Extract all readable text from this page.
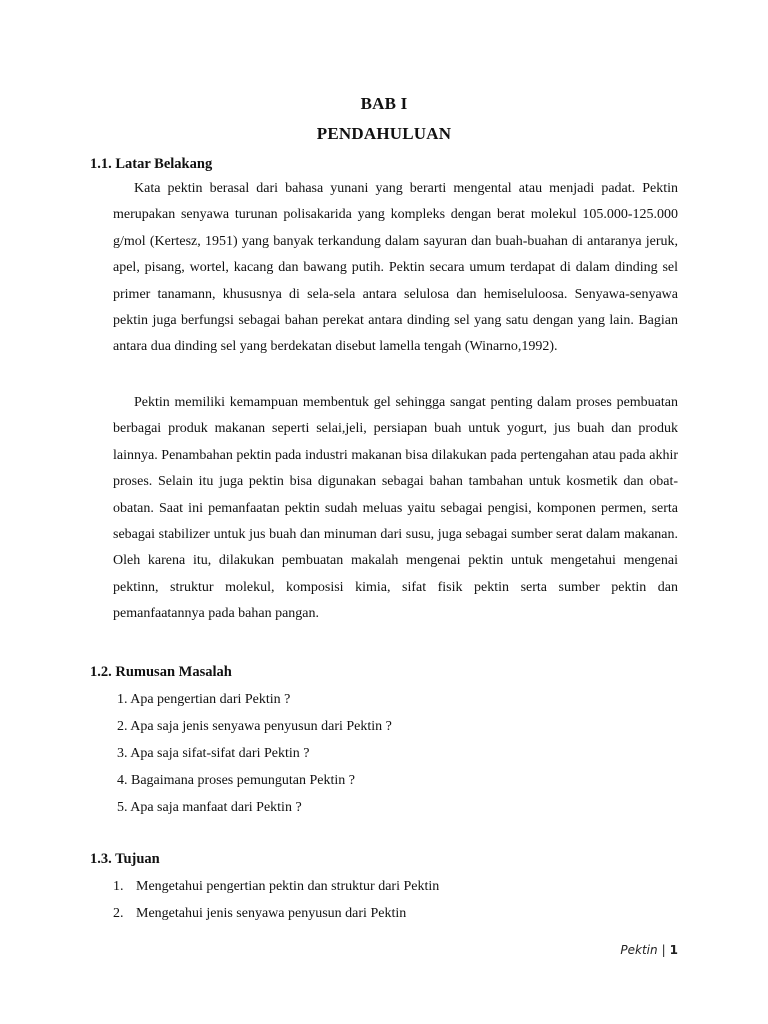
BAB I
PENDAHULUAN
1.1. Latar Belakang

Kata pektin berasal dari bahasa yunani yang berarti mengental atau menjadi padat. Pektin merupakan senyawa turunan polisakarida yang kompleks dengan berat molekul 105.000-125.000 g/mol (Kertesz, 1951) yang banyak terkandung dalam sayuran dan buah-buahan di antaranya jeruk, apel, pisang, wortel, kacang dan bawang putih. Pektin secara umum terdapat di dalam dinding sel primer tanamann, khususnya di sela-sela antara selulosa dan hemiseluloosa. Senyawa-senyawa pektin juga berfungsi sebagai bahan perekat antara dinding sel yang satu dengan yang lain. Bagian antara dua dinding sel yang berdekatan disebut lamella tengah (Winarno,1992).

Pektin memiliki kemampuan membentuk gel sehingga sangat penting dalam proses pembuatan berbagai produk makanan seperti selai,jeli, persiapan buah untuk yogurt, jus buah dan produk lainnya. Penambahan pektin pada industri makanan bisa dilakukan pada pertengahan atau pada akhir proses. Selain itu juga pektin bisa digunakan sebagai bahan tambahan untuk kosmetik dan obat-obatan. Saat ini pemanfaatan pektin sudah meluas yaitu sebagai pengisi, komponen permen, serta sebagai stabilizer untuk jus buah dan minuman dari susu, juga sebagai sumber serat dalam makanan. Oleh karena itu, dilakukan pembuatan makalah mengenai pektin untuk mengetahui mengenai pektinn, struktur molekul, komposisi kimia, sifat fisik pektin serta sumber pektin dan pemanfaatannya pada bahan pangan.

1.2. Rumusan Masalah
1. Apa pengertian dari Pektin ?
2. Apa saja jenis senyawa penyusun dari Pektin ?
3. Apa saja sifat-sifat dari Pektin ?
4. Bagaimana proses pemungutan Pektin ?
5. Apa saja manfaat dari Pektin ?
1.3. Tujuan
1. Mengetahui pengertian pektin dan struktur dari Pektin
2. Mengetahui jenis senyawa penyusun dari Pektin
Pektin | 1
